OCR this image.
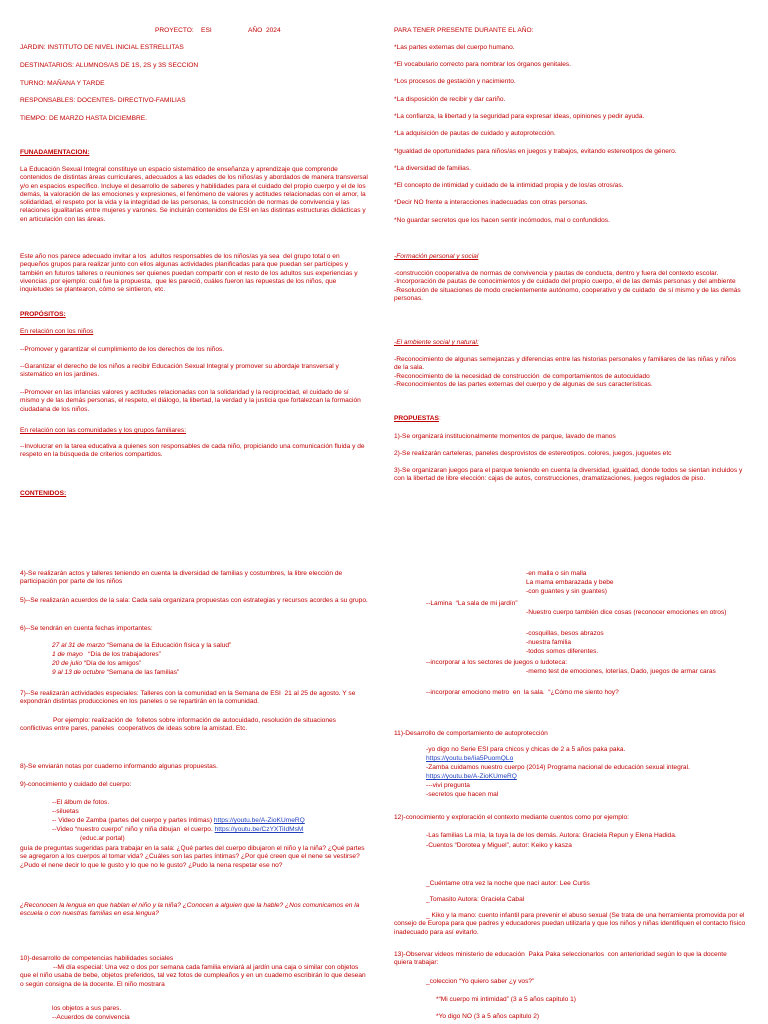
PROYECTO:    ESI	AÑO  2024
JARDIN: INSTITUTO DE NIVEL INICIAL ESTRELLITAS
DESTINATARIOS: ALUMNOS/AS DE 1S, 2S y 3S SECCION
TURNO: MAÑANA Y TARDE
RESPONSABLES: DOCENTES- DIRECTIVO-FAMILIAS
TIEMPO: DE MARZO HASTA DICIEMBRE.
FUNADAMENTACION:
La Educación Sexual Integral constituye un espacio sistemático de enseñanza y aprendizaje que comprende contenidos de distintas áreas curriculares, adecuados a las edades de los niños/as y abordados de manera transversal y/o en espacios específico. Incluye el desarrollo de saberes y habilidades para el cuidado del propio cuerpo y el de los demás, la valoración de las emociones y expresiones, el fenómeno de valores y actitudes relacionadas con el amor, la solidaridad, el respeto por la vida y la integridad de las personas, la construcción de normas de convivencia y las relaciones igualitarias entre mujeres y varones. Se incluirán contenidos de ESI en las distintas estructuras didácticas y en articulación con las áreas.
Este año nos parece adecuado invitar a los  adultos responsables de los niños/as ya sea  del grupo total o en pequeños grupos para realizar junto con ellos algunas actividades planificadas para que puedan ser partícipes y también en futuros talleres o reuniones ser quienes puedan compartir con el resto de los adultos sus experiencias y vivencias ,por ejemplo: cuál fue la propuesta,  que les pareció, cuáles fueron las repuestas de los niños, que inquietudes se plantearon, cómo se sintieron, etc.
PROPÓSITOS:
En relación con los niños
--Promover y garantizar el cumplimiento de los derechos de los niños.
--Garantizar el derecho de los niños a recibir Educación Sexual Integral y promover su abordaje transversal y sistemático en los jardines.
--Promover en las infancias valores y actitudes relacionadas con la solidaridad y la reciprocidad, el cuidado de sí mismo y de las demás personas, el respeto, el diálogo, la libertad, la verdad y la justicia que fortalezcan la formación ciudadana de los niños.
En relación con las comunidades y los grupos familiares:
--Involucrar en la tarea educativa a quienes son responsables de cada niño, propiciando una comunicación fluida y de respeto en la búsqueda de criterios compartidos.
CONTENIDOS:
PARA TENER PRESENTE DURANTE EL AÑO:
*Las partes externas del cuerpo humano.
*El vocabulario correcto para nombrar los órganos genitales.
*Los procesos de gestación y nacimiento.
*La disposición de recibir y dar cariño.
*La confianza, la libertad y la seguridad para expresar ideas, opiniones y pedir ayuda.
*La adquisición de pautas de cuidado y autoprotección.
*Igualdad de oportunidades para niños/as en juegos y trabajos, evitando estereotipos de género.
*La diversidad de familias.
*El concepto de intimidad y cuidado de la intimidad propia y de los/as otros/as.
*Decir NO frente a interacciones inadecuadas con otras personas.
*No guardar secretos que los hacen sentir incómodos, mal o confundidos.
-Formación personal y social
-construcción cooperativa de normas de convivencia y pautas de conducta, dentro y fuera del contexto escolar.
-Incorporación de pautas de conocimientos y de cuidado del propio cuerpo, el de las demás personas y del ambiente
-Resolución de situaciones de modo crecientemente autónomo, cooperativo y de cuidado  de sí mismo y de las demás personas.
-El ambiente social y natural:
-Reconocimiento de algunas semejanzas y diferencias entre las historias personales y familiares de las niñas y niños de la sala.
-Reconocimiento de la necesidad de construcción  de comportamientos de autocuidado
-Reconocimientos de las partes externas del cuerpo y de algunas de sus características.
PROPUESTAS:
1)-Se organizará institucionalmente momentos de parque, lavado de manos
2)-Se realizarán carteleras, paneles desprovistos de estereotipos. colores, juegos, juguetes etc
3)-Se organizaran juegos para el parque teniendo en cuenta la diversidad, igualdad, donde todos se sientan incluidos y con la libertad de libre elección: cajas de autos, construcciones, dramatizaciones, juegos reglados de piso.
4)-Se realizarán actos y talleres teniendo en cuenta la diversidad de familias y costumbres, la libre elección de participación por parte de los niños
5)--Se realizarán acuerdos de la sala: Cada sala organizara propuestas con estrategias y recursos acordes a su grupo.
6)--Se tendrán en cuenta fechas importantes:
27 al 31 de marzo “Semana de la Educación física y la salud”
1 de mayo   “Día de los trabajadores”
20 de julio “Día de los amigos”
9 al 13 de octubre “Semana de las familias”
7)--Se realizarán actividades especiales: Talleres con la comunidad en la Semana de ESI  21 al 25 de agosto. Y se expondrán distintas producciones en los paneles o se repartirán en la comunidad.
Por ejemplo: realización de  folletos sobre información de autocuidado, resolución de situaciones conflictivas entre pares, paneles  cooperativos de ideas sobre la amistad. Etc.
8)-Se enviarán notas por cuaderno informando algunas propuestas.
9)-conocimiento y cuidado del cuerpo:
--El álbum de fotos.
--siluetas
-- Video de Zamba (partes del cuerpo y partes íntimas) https://youtu.be/A-ZioKUmeRQ
--Video “nuestro cuerpo” niño y niña dibujan  el cuerpo. https://youtu.be/CzYXTiIdMsM
(educ.ar portal)
guía de preguntas sugeridas para trabajar en la sala: ¿Qué partes del cuerpo dibujaron el niño y la niña? ¿Qué partes se agregaron a los cuerpos al tomar vida? ¿Cuáles son las partes íntimas? ¿Por qué creen que el nene se vestirse? ¿Pudo el nene decir lo que le gusto y lo que no le gusto? ¿Pudo la nena respetar ese no?
¿Reconocen la lengua en que hablan el niño y la niña? ¿Conocen a alguien que la hable? ¿Nos comunicamos en la escuela o con nuestras familias en esa lengua?
10)-desarrollo de competencias habilidades sociales
--Mi día especial: Una vez o dos por semana cada familia enviará al jardín una caja o similar con objetos que el niño usaba de bebe, objetos preferidos, tal vez fotos de cumpleaños y en un cuaderno escribirán lo que desean o según consigna de la docente. El niño mostrara
los objetos a sus pares.
--Acuerdos de convivencia
-en malla o sin malla
La mama embarazada y bebe
-con guantes y sin guantes)
--Lamina  “La sala de mi jardín”
-Nuestro cuerpo también dice cosas (reconocer emociones en otros)
-cosquillas, besos abrazos
-nuestra familia
-todos somos diferentes.
--incorporar a los sectores de juegos o ludoteca:
-memo test de emociones, loterías, Dado, juegos de armar caras
--incorporar emociono metro  en  la sala.  “¿Cómo me siento hoy?
11)-Desarrollo de comportamiento de autoprotección
-yo digo no Serie ESI para chicos y chicas de 2 a 5 años paka paka.
https://youtu.be/Iia5PuomQLo
-Zamba cuidamos nuestro cuerpo (2014) Programa nacional de educación sexual integral.
https://youtu.be/A-ZioKUmeRQ
---vivi pregunta
-secretos que hacen mal
12)-conocimiento y exploración el contexto mediante cuentos como por ejemplo:
-Las familias La mía, la tuya la de los demás. Autora: Graciela Repun y Elena Hadida.
-Cuentos “Dorotea y Miguel”, autor: Keiko y kasza
_Cuéntame otra vez la noche que nací autor: Lee Curtis
_Tomasito Autora: Graciela Cabal
_ Kiko y la mano: cuento infantil para prevenir el abuso sexual (Se trata de una herramienta promovida por el consejo de Europa para que padres y educadores puedan utilizarla y que los niños y niñas identifiquen el contacto físico inadecuado para así evitarlo.
13)-Observar videos ministerio de educación  Paka Paka seleccionarlos  con anterioridad según lo que la docente quiera trabajar:
_coleccion “Yo quiero saber ¿y vos?”
*“Mi cuerpo mi intimidad” (3 a 5 años capitulo 1)
*Yo digo NO (3 a 5 años capitulo 2)
